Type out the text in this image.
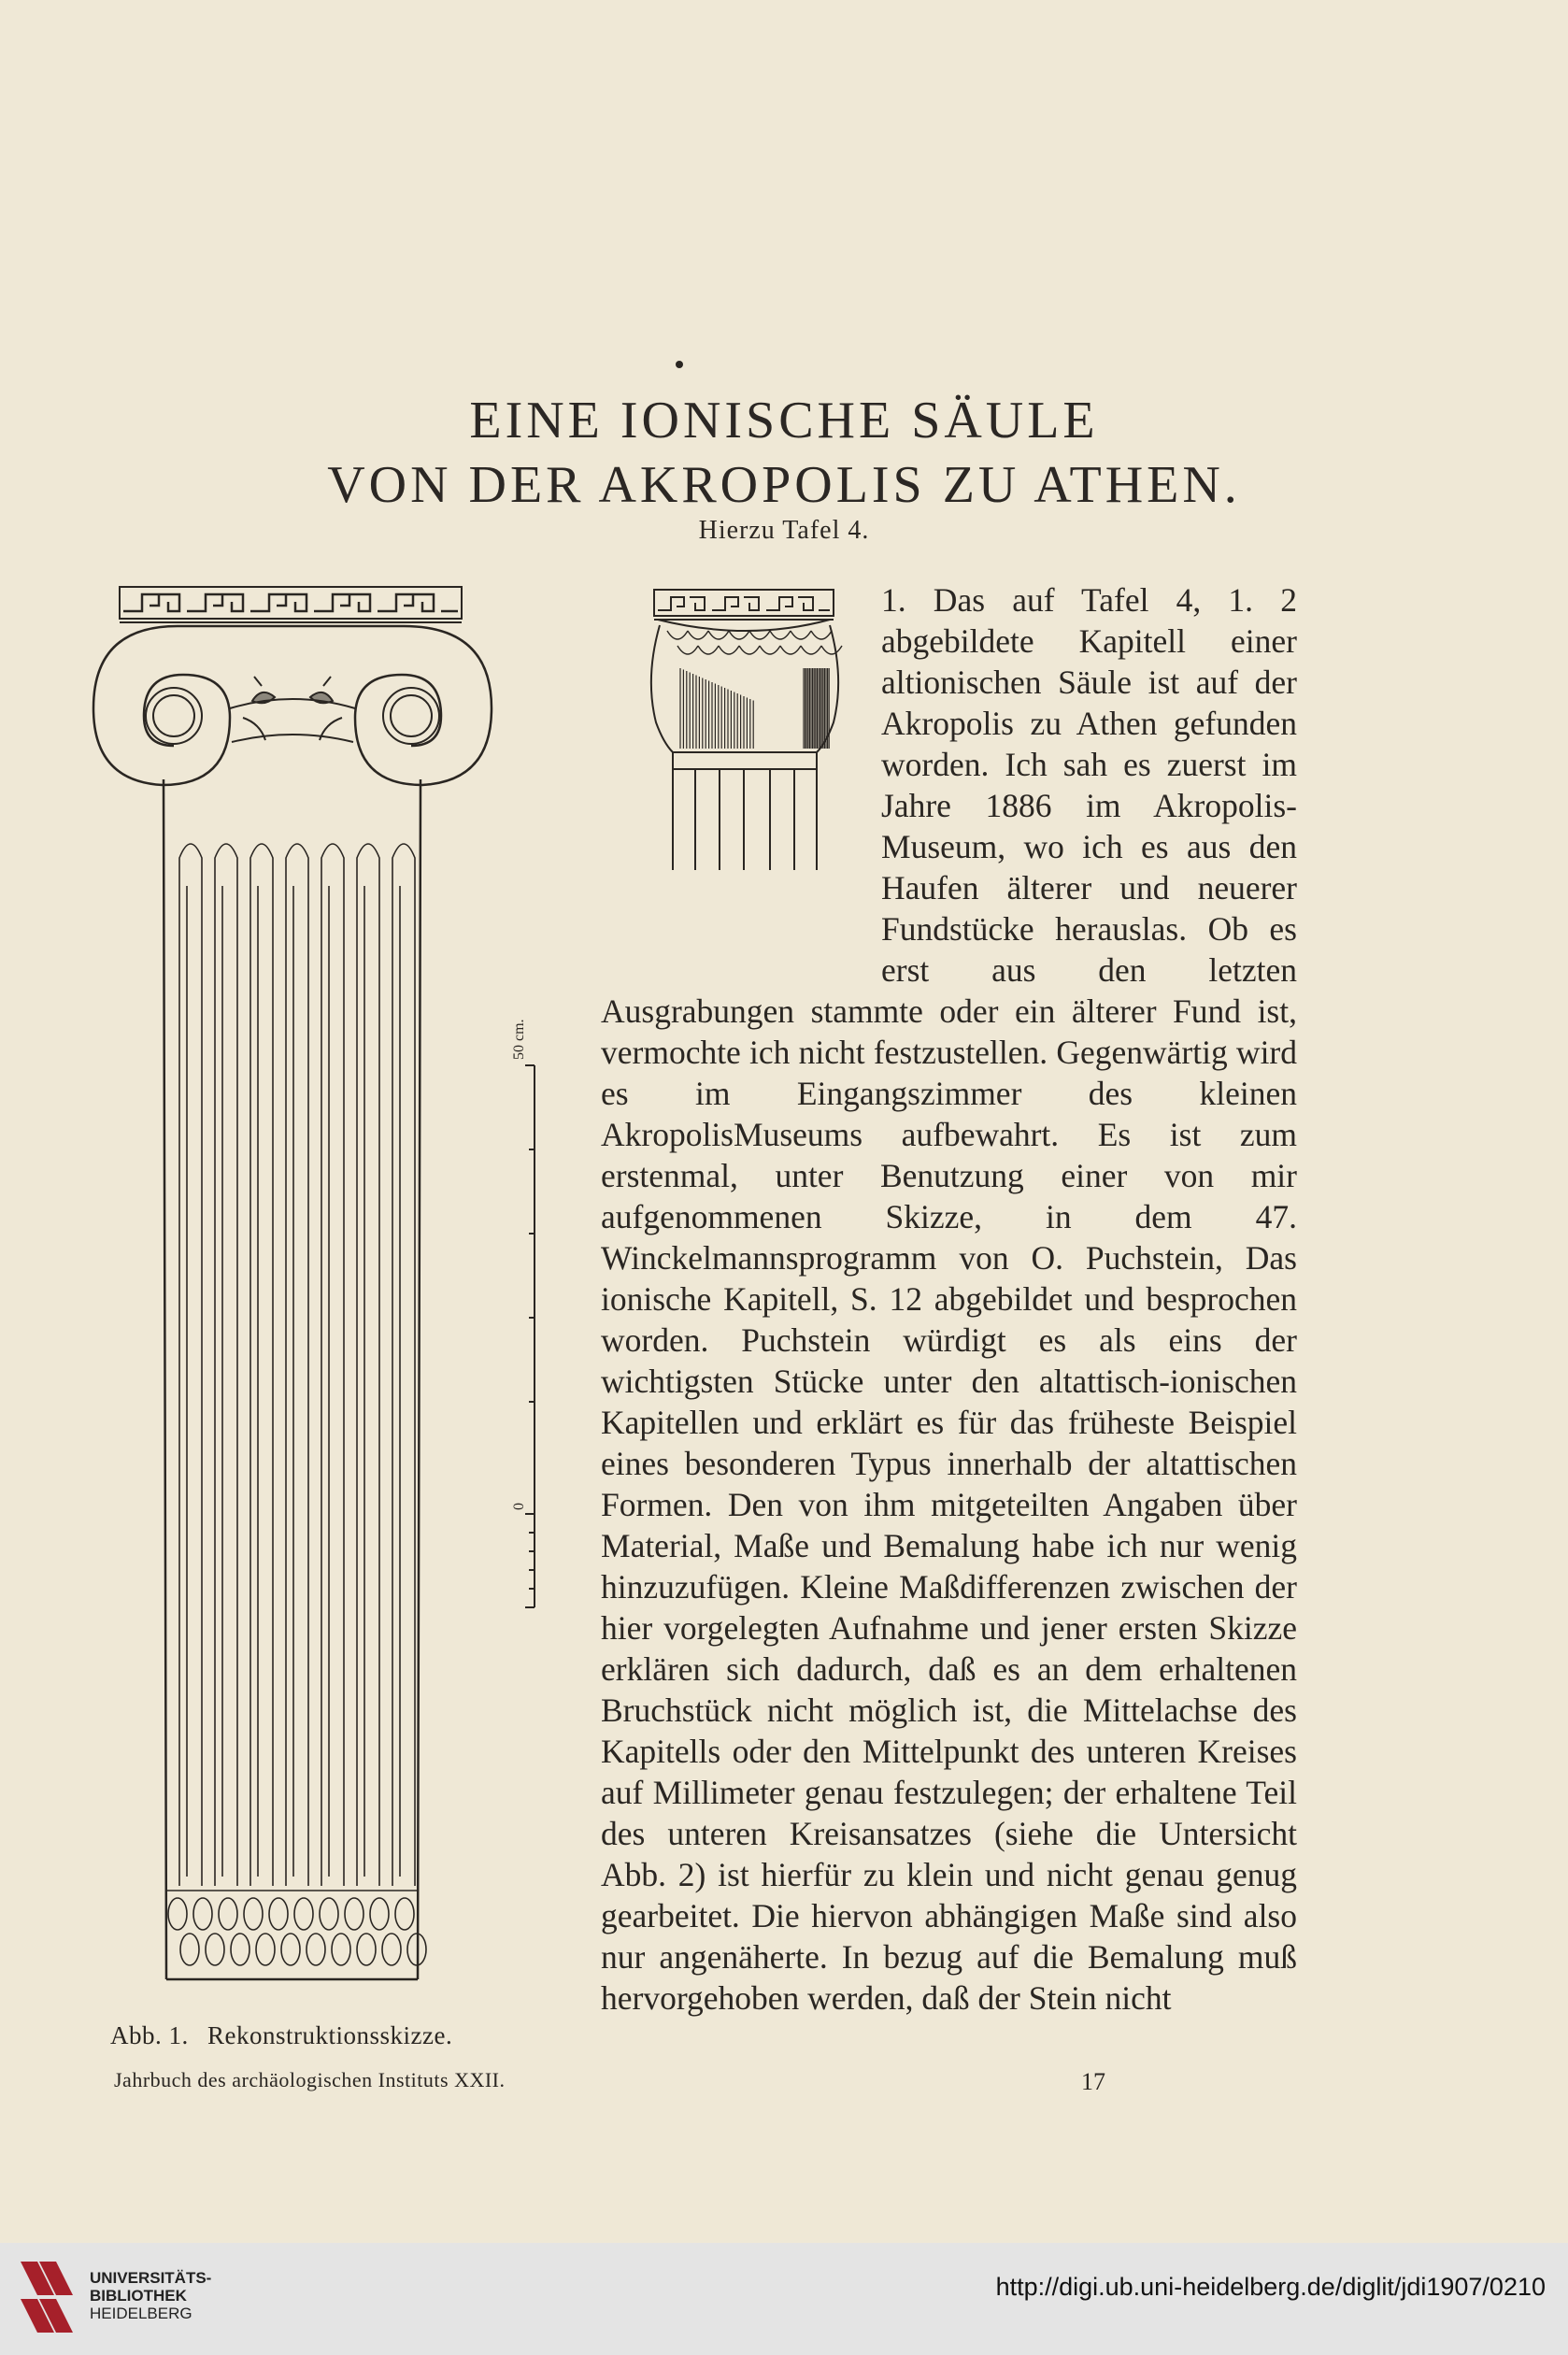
EINE IONISCHE SÄULE
VON DER AKROPOLIS ZU ATHEN.
Hierzu Tafel 4.
50 cm.
0

1. Das auf Tafel 4, 1. 2 abgebildete Kapitell einer altionischen Säule ist auf der Akropolis zu Athen gefunden worden. Ich sah es zuerst im Jahre 1886 im Akropolis-Museum, wo ich es aus den Haufen älterer und neuerer Fundstücke herauslas. Ob es erst aus den letzten Ausgrabungen stammte oder ein älterer Fund ist, vermochte ich nicht festzustellen. Gegenwärtig wird es im Eingangszimmer des kleinen AkropolisMuseums aufbewahrt. Es ist zum erstenmal, unter Benutzung einer von mir aufgenommenen Skizze, in dem 47. Winckelmannsprogramm von O. Puchstein, Das ionische Kapitell, S. 12 abgebildet und besprochen worden. Puchstein würdigt es als eins der wichtigsten Stücke unter den altattisch-ionischen Kapitellen und erklärt es für das früheste Beispiel eines besonderen Typus innerhalb der altattischen Formen. Den von ihm mitgeteilten Angaben über Material, Maße und Bemalung habe ich nur wenig hinzuzufügen. Kleine Maßdifferenzen zwischen der hier vorgelegten Aufnahme und jener ersten Skizze erklären sich dadurch, daß es an dem erhaltenen Bruchstück nicht möglich ist, die Mittelachse des Kapitells oder den Mittelpunkt des unteren Kreises auf Millimeter genau festzulegen; der erhaltene Teil des unteren Kreisansatzes (siehe die Untersicht Abb. 2) ist hierfür zu klein und nicht genau genug gearbeitet. Die hiervon abhängigen Maße sind also nur angenäherte. In bezug auf die Bemalung muß hervorgehoben werden, daß der Stein nicht

Abb. 1. Rekonstruktionsskizze.
Jahrbuch des archäologischen Instituts XXII.	17
UNIVERSITÄTS-
BIBLIOTHEK
HEIDELBERG
http://digi.ub.uni-heidelberg.de/diglit/jdi1907/0210
